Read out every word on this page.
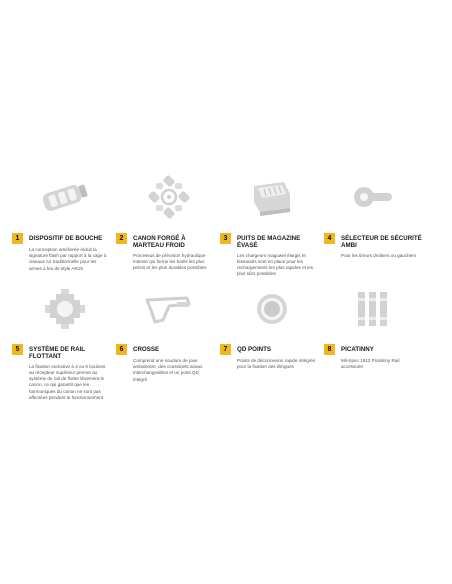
1	DISPOSITIF DE BOUCHE
La conception améliorée réduit la signature flash par rapport à la cage à oiseaux A2 traditionnelle pour les armes à feu de style AR15
2	CANON FORGÉ À MARTEAU FROID
Processus de précision hydraulique intense qui forme les barils les plus précis et les plus durables possibles
3	PUITS DE MAGAZINE ÉVASÉ
Les chargeurs maguwel élargis et biseautés sont en place pour les rechargements les plus rapides et les plus sûrs possibles
4	SÉLECTEUR DE SÉCURITÉ AMBI
Pour les tireurs droitiers ou gauchers
5	SYSTÈME DE RAIL FLOTTANT
La fixation exclusive à 4 ou 6 boulons au récepteur supérieur permet au système de rail de flotter librement le canon, ce qui garantit que les harmoniques du canon ne sont pas affectées pendant le fonctionnement
6	CROSSE
Comprend une soudure de joue ambidextre, des coussinets anaux interchangeables et un point QD intégré
7	QD POINTS
Points de déconnexion rapide intégrés pour la fixation des élingues
8	PICATINNY
Mil-Spec 1913 Picatinny Rail accessoire
